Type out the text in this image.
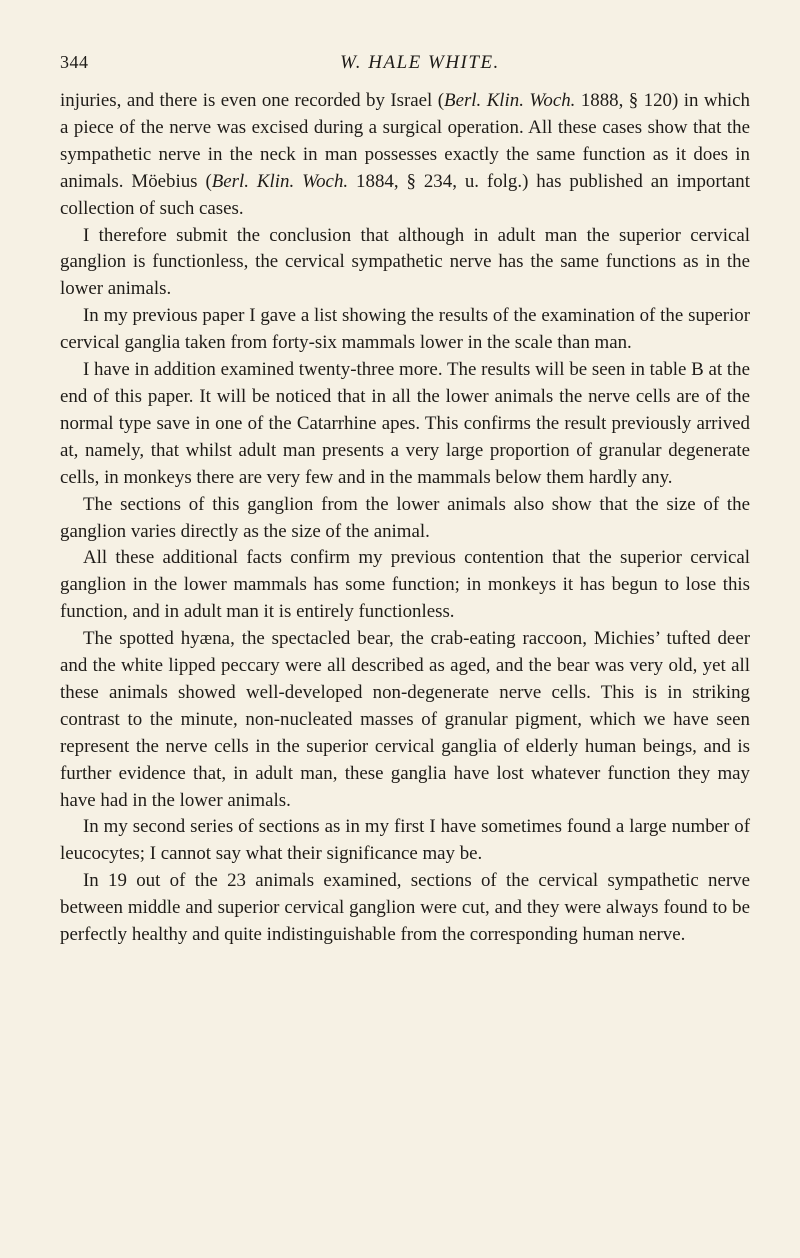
344	W. HALE WHITE.

injuries, and there is even one recorded by Israel (Berl. Klin. Woch. 1888, § 120) in which a piece of the nerve was excised during a surgical operation. All these cases show that the sympathetic nerve in the neck in man possesses exactly the same function as it does in animals. Möebius (Berl. Klin. Woch. 1884, § 234, u. folg.) has published an important collection of such cases.

I therefore submit the conclusion that although in adult man the superior cervical ganglion is functionless, the cervical sympathetic nerve has the same functions as in the lower animals.

In my previous paper I gave a list showing the results of the examination of the superior cervical ganglia taken from forty-six mammals lower in the scale than man.

I have in addition examined twenty-three more. The results will be seen in table B at the end of this paper. It will be noticed that in all the lower animals the nerve cells are of the normal type save in one of the Catarrhine apes. This confirms the result previously arrived at, namely, that whilst adult man presents a very large proportion of granular degenerate cells, in monkeys there are very few and in the mammals below them hardly any.

The sections of this ganglion from the lower animals also show that the size of the ganglion varies directly as the size of the animal.

All these additional facts confirm my previous contention that the superior cervical ganglion in the lower mammals has some function; in monkeys it has begun to lose this function, and in adult man it is entirely functionless.

The spotted hyæna, the spectacled bear, the crab-eating raccoon, Michies’ tufted deer and the white lipped peccary were all described as aged, and the bear was very old, yet all these animals showed well-developed non-degenerate nerve cells. This is in striking contrast to the minute, non-nucleated masses of granular pigment, which we have seen represent the nerve cells in the superior cervical ganglia of elderly human beings, and is further evidence that, in adult man, these ganglia have lost whatever function they may have had in the lower animals.

In my second series of sections as in my first I have sometimes found a large number of leucocytes; I cannot say what their significance may be.

In 19 out of the 23 animals examined, sections of the cervical sympathetic nerve between middle and superior cervical ganglion were cut, and they were always found to be perfectly healthy and quite indistinguishable from the corresponding human nerve.
